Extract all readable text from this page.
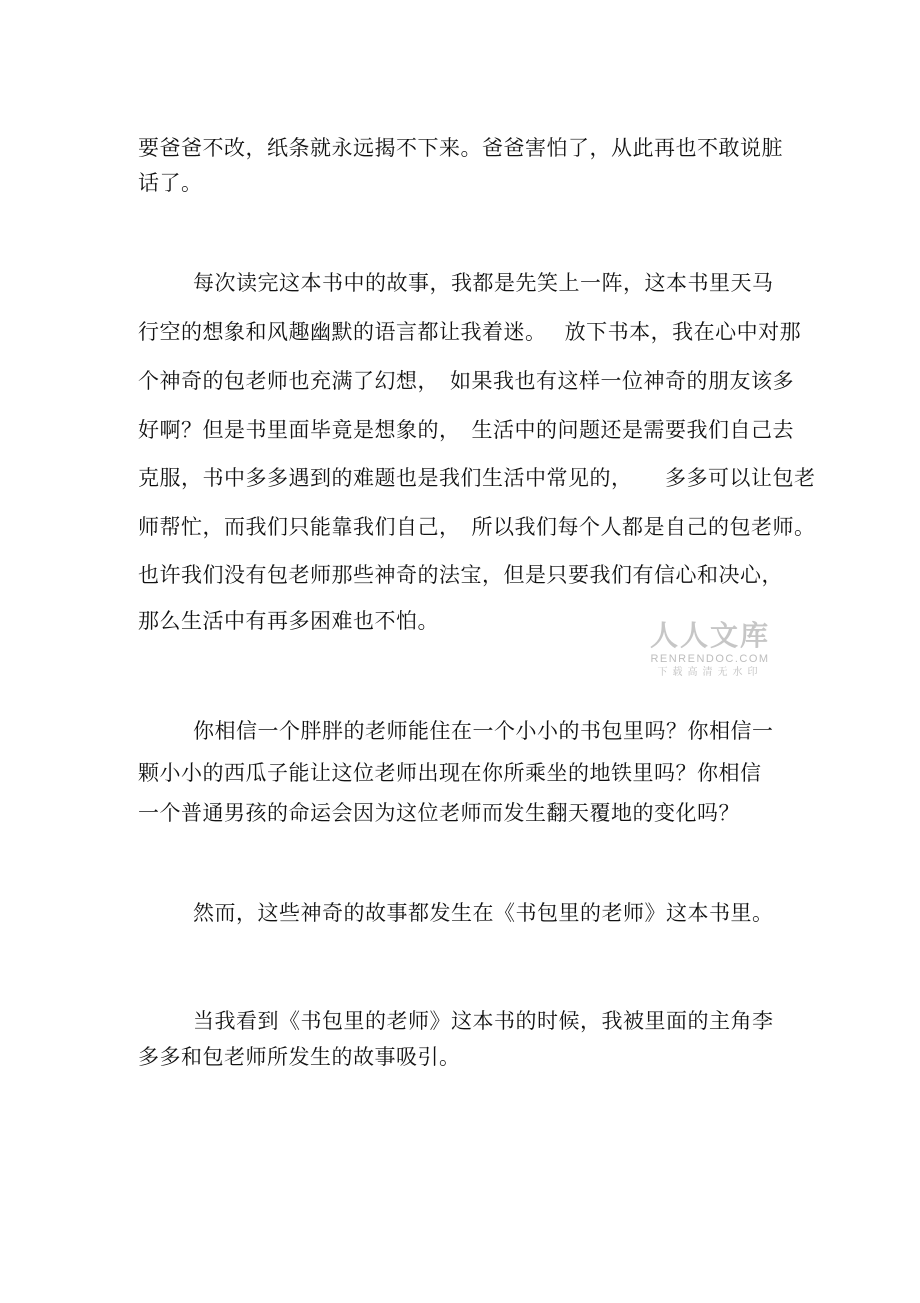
要爸爸不改，纸条就永远揭不下来。爸爸害怕了，从此再也不敢说脏
话了。
每次读完这本书中的故事，我都是先笑上一阵，这本书里天马
行空的想象和风趣幽默的语言都让我着迷。　 放下书本，我在心中对那
个神奇的包老师也充满了幻想，　如果我也有这样一位神奇的朋友该多
好啊？但是书里面毕竟是想象的，　生活中的问题还是需要我们自己去
克服，书中多多遇到的难题也是我们生活中常见的，　　多多可以让包老
师帮忙，而我们只能靠我们自己，　所以我们每个人都是自己的包老师。
也许我们没有包老师那些神奇的法宝，但是只要我们有信心和决心，
那么生活中有再多困难也不怕。	人人文库
RENRENDOC.COM
下载高清无水印
你相信一个胖胖的老师能住在一个小小的书包里吗？你相信一
颗小小的西瓜子能让这位老师出现在你所乘坐的地铁里吗？你相信
一个普通男孩的命运会因为这位老师而发生翻天覆地的变化吗？
然而，这些神奇的故事都发生在《书包里的老师》这本书里。
当我看到《书包里的老师》这本书的时候，我被里面的主角李
多多和包老师所发生的故事吸引。
